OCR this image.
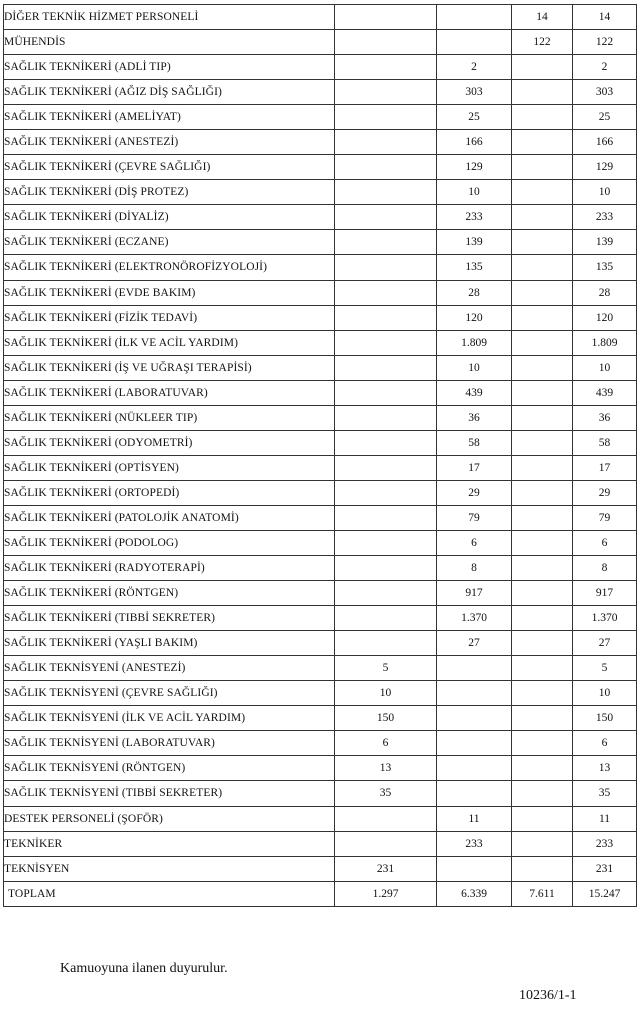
DİĞER TEKNİK HİZMET PERSONELİ			14	14
MÜHENDİS			122	122
SAĞLIK TEKNİKERİ (ADLİ TIP)		2		2
SAĞLIK TEKNİKERİ (AĞIZ DİŞ SAĞLIĞI)		303		303
SAĞLIK TEKNİKERİ (AMELİYAT)		25		25
SAĞLIK TEKNİKERİ (ANESTEZİ)		166		166
SAĞLIK TEKNİKERİ (ÇEVRE SAĞLIĞI)		129		129
SAĞLIK TEKNİKERİ (DİŞ PROTEZ)		10		10
SAĞLIK TEKNİKERİ (DİYALİZ)		233		233
SAĞLIK TEKNİKERİ (ECZANE)		139		139
SAĞLIK TEKNİKERİ (ELEKTRONÖROFİZYOLOJİ)		135		135
SAĞLIK TEKNİKERİ (EVDE BAKIM)		28		28
SAĞLIK TEKNİKERİ (FİZİK TEDAVİ)		120		120
SAĞLIK TEKNİKERİ (İLK VE ACİL YARDIM)		1.809		1.809
SAĞLIK TEKNİKERİ (İŞ VE UĞRAŞI TERAPİSİ)		10		10
SAĞLIK TEKNİKERİ (LABORATUVAR)		439		439
SAĞLIK TEKNİKERİ (NÜKLEER TIP)		36		36
SAĞLIK TEKNİKERİ (ODYOMETRİ)		58		58
SAĞLIK TEKNİKERİ (OPTİSYEN)		17		17
SAĞLIK TEKNİKERİ (ORTOPEDİ)		29		29
SAĞLIK TEKNİKERİ (PATOLOJİK ANATOMİ)		79		79
SAĞLIK TEKNİKERİ (PODOLOG)		6		6
SAĞLIK TEKNİKERİ (RADYOTERAPİ)		8		8
SAĞLIK TEKNİKERİ (RÖNTGEN)		917		917
SAĞLIK TEKNİKERİ (TIBBİ SEKRETER)		1.370		1.370
SAĞLIK TEKNİKERİ (YAŞLI BAKIM)		27		27
SAĞLIK TEKNİSYENİ (ANESTEZİ)	5			5
SAĞLIK TEKNİSYENİ (ÇEVRE SAĞLIĞI)	10			10
SAĞLIK TEKNİSYENİ (İLK VE ACİL YARDIM)	150			150
SAĞLIK TEKNİSYENİ (LABORATUVAR)	6			6
SAĞLIK TEKNİSYENİ (RÖNTGEN)	13			13
SAĞLIK TEKNİSYENİ (TIBBİ SEKRETER)	35			35
DESTEK PERSONELİ (ŞOFÖR)		11		11
TEKNİKER		233		233
TEKNİSYEN	231			231
TOPLAM	1.297	6.339	7.611	15.247

Kamuoyuna ilanen duyurulur.

10236/1-1
